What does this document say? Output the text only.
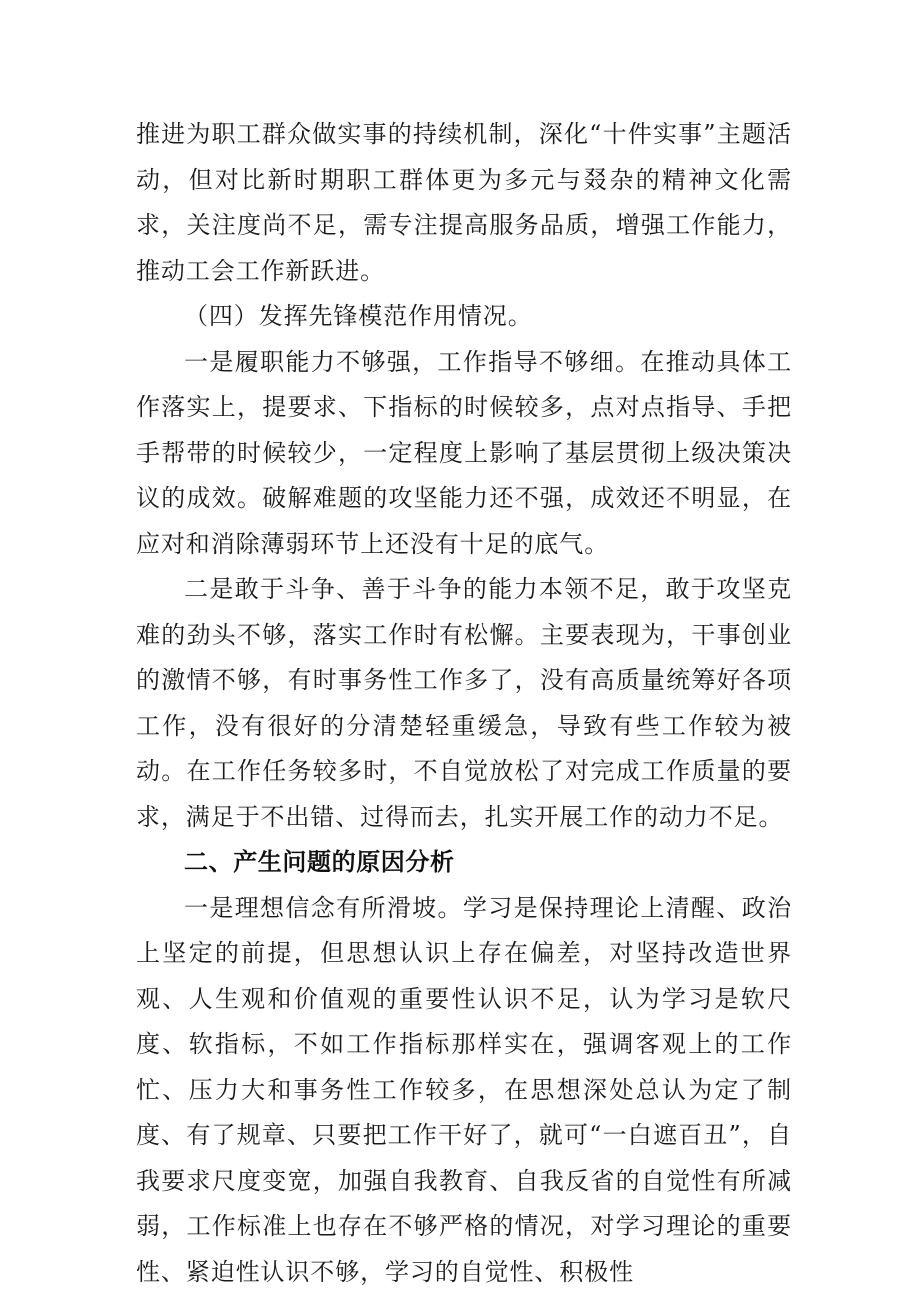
推进为职工群众做实事的持续机制，深化“十件实事”主题活动，但对比新时期职工群体更为多元与叕杂的精神文化需求，关注度尚不足，需专注提高服务品质，增强工作能力，推动工会工作新跃进。

（四）发挥先锋模范作用情况。

一是履职能力不够强，工作指导不够细。在推动具体工作落实上，提要求、下指标的时候较多，点对点指导、手把手帮带的时候较少，一定程度上影响了基层贯彻上级决策决议的成效。破解难题的攻坚能力还不强，成效还不明显，在应对和消除薄弱环节上还没有十足的底气。

二是敢于斗争、善于斗争的能力本领不足，敢于攻坚克难的劲头不够，落实工作时有松懈。主要表现为，干事创业的激情不够，有时事务性工作多了，没有高质量统筹好各项工作，没有很好的分清楚轻重缓急，导致有些工作较为被动。在工作任务较多时，不自觉放松了对完成工作质量的要求，满足于不出错、过得而去，扎实开展工作的动力不足。

二、产生问题的原因分析

一是理想信念有所滑坡。学习是保持理论上清醒、政治上坚定的前提，但思想认识上存在偏差，对坚持改造世界观、人生观和价值观的重要性认识不足，认为学习是软尺度、软指标，不如工作指标那样实在，强调客观上的工作忙、压力大和事务性工作较多，在思想深处总认为定了制度、有了规章、只要把工作干好了，就可“一白遮百丑”，自我要求尺度变宽，加强自我教育、自我反省的自觉性有所减弱，工作标准上也存在不够严格的情况，对学习理论的重要性、紧迫性认识不够，学习的自觉性、积极性
